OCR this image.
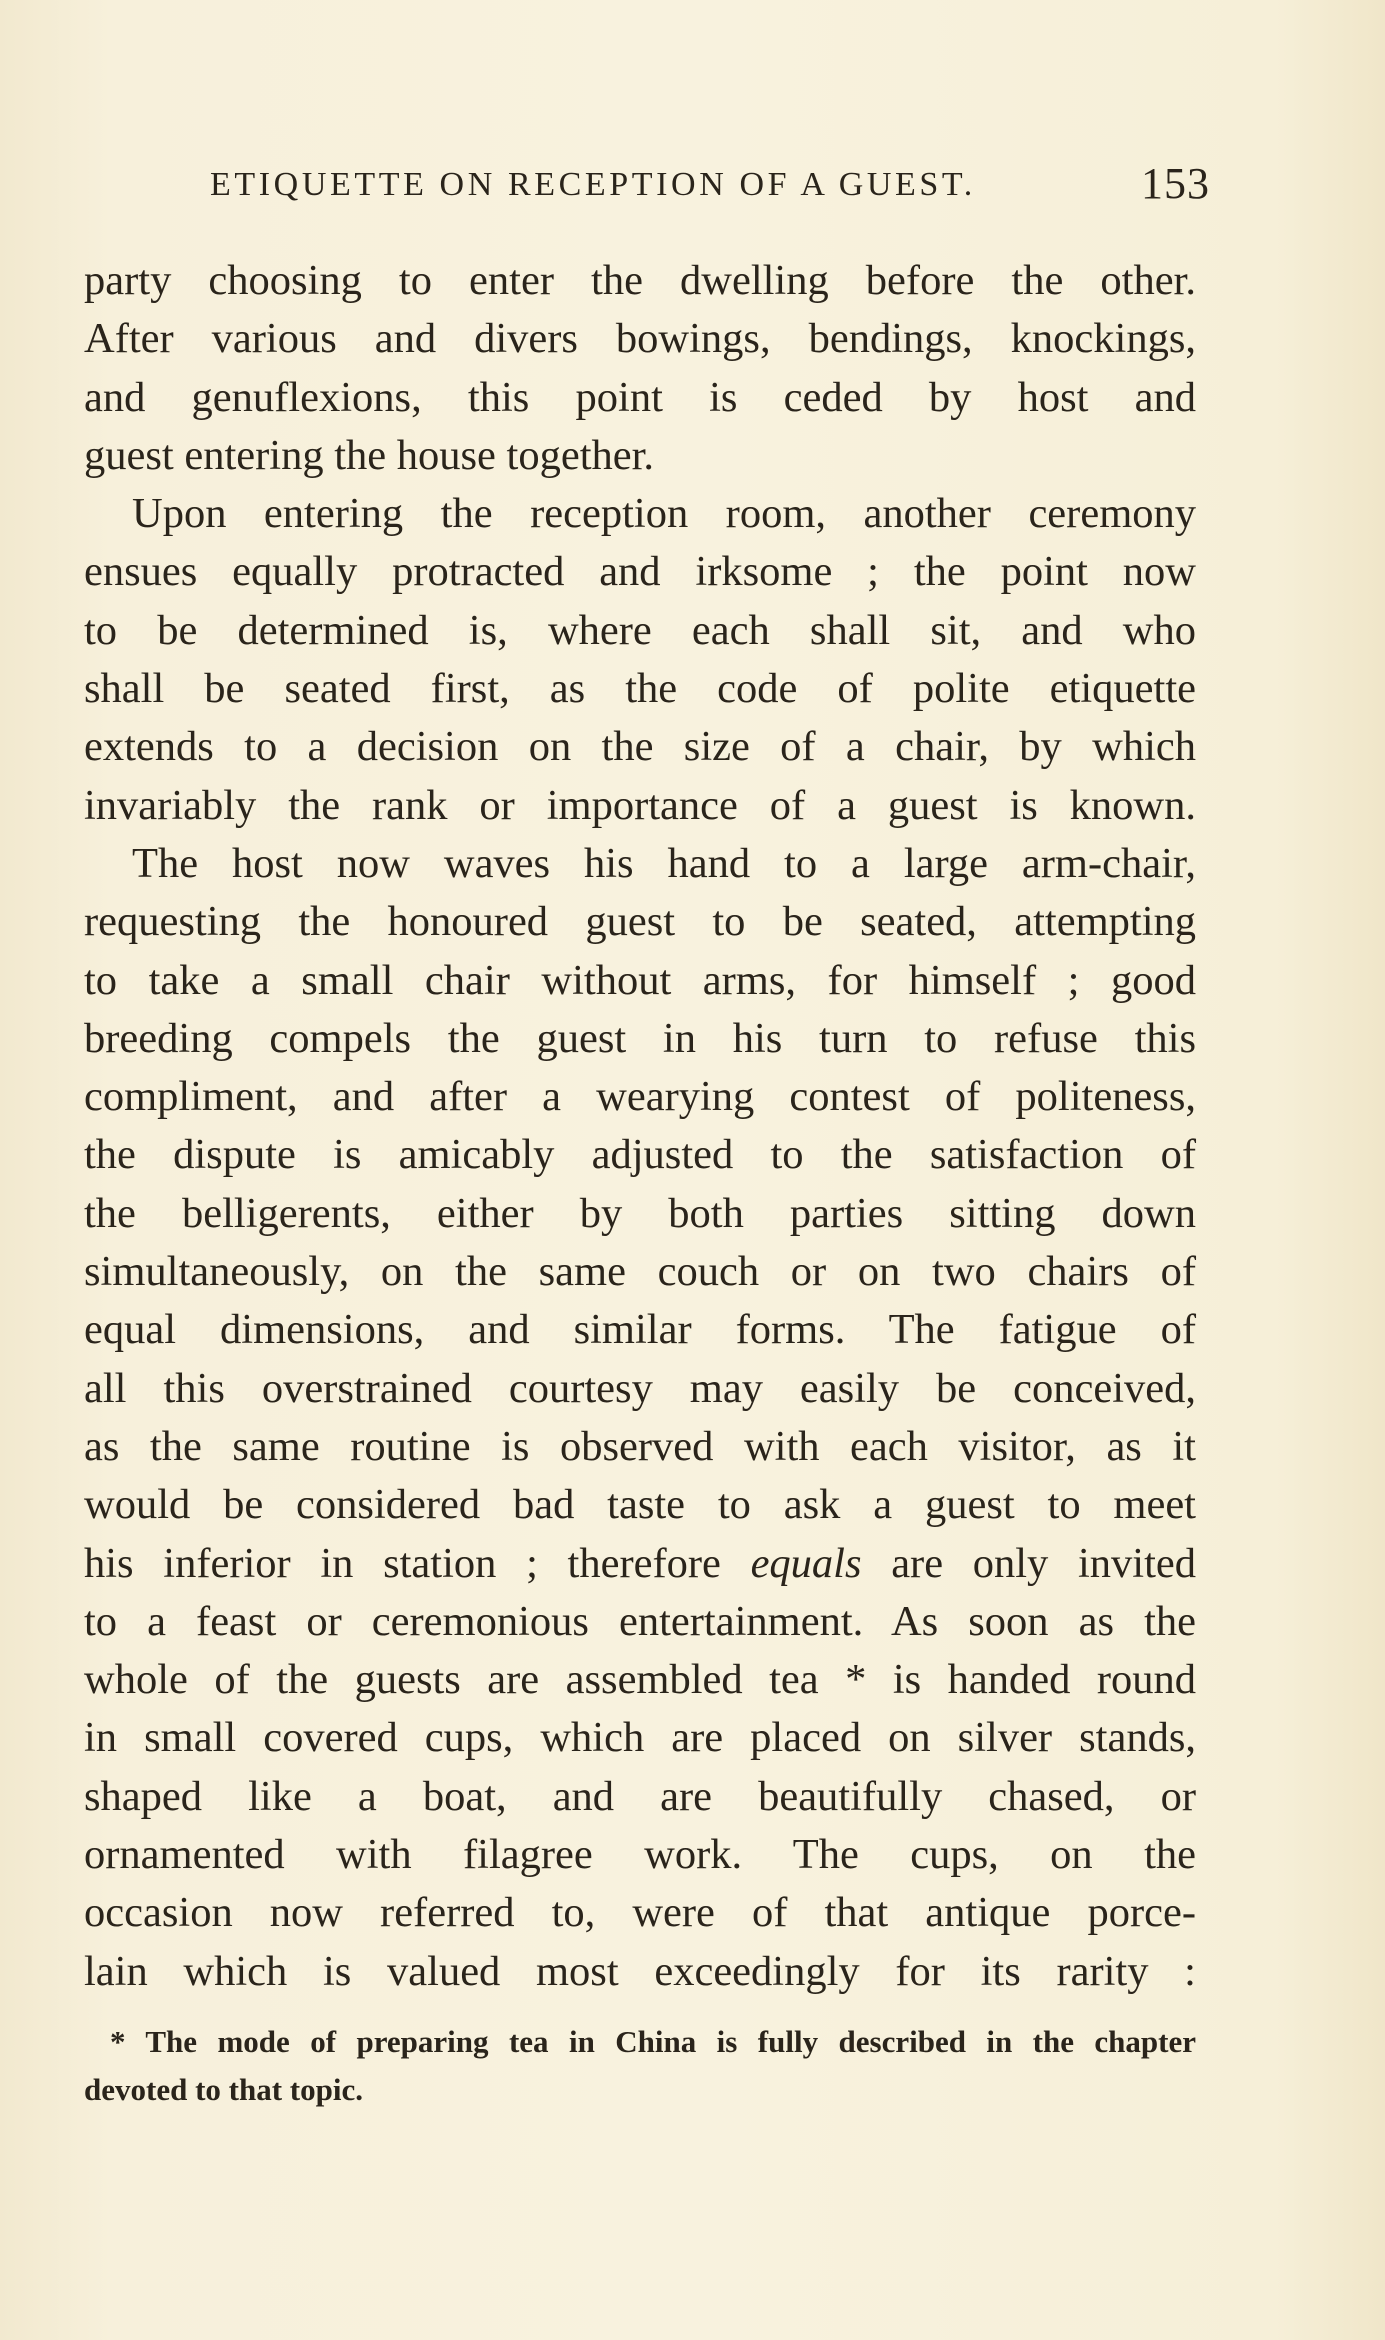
ETIQUETTE ON RECEPTION OF A GUEST.	153

party choosing to enter the dwelling before the other.
After various and divers bowings, bendings, knockings,
and genuflexions, this point is ceded by host and
guest entering the house together.

Upon entering the reception room, another ceremony
ensues equally protracted and irksome ; the point now
to be determined is, where each shall sit, and who
shall be seated first, as the code of polite etiquette
extends to a decision on the size of a chair, by which
invariably the rank or importance of a guest is known.

The host now waves his hand to a large arm-chair,
requesting the honoured guest to be seated, attempting
to take a small chair without arms, for himself ; good
breeding compels the guest in his turn to refuse this
compliment, and after a wearying contest of politeness,
the dispute is amicably adjusted to the satisfaction of
the belligerents, either by both parties sitting down
simultaneously, on the same couch or on two chairs of
equal dimensions, and similar forms. The fatigue of
all this overstrained courtesy may easily be conceived,
as the same routine is observed with each visitor, as it
would be considered bad taste to ask a guest to meet
his inferior in station ; therefore equals are only invited
to a feast or ceremonious entertainment. As soon as the
whole of the guests are assembled tea * is handed round
in small covered cups, which are placed on silver stands,
shaped like a boat, and are beautifully chased, or
ornamented with filagree work. The cups, on the
occasion now referred to, were of that antique porce-
lain which is valued most exceedingly for its rarity :

* The mode of preparing tea in China is fully described in the chapter
devoted to that topic.
